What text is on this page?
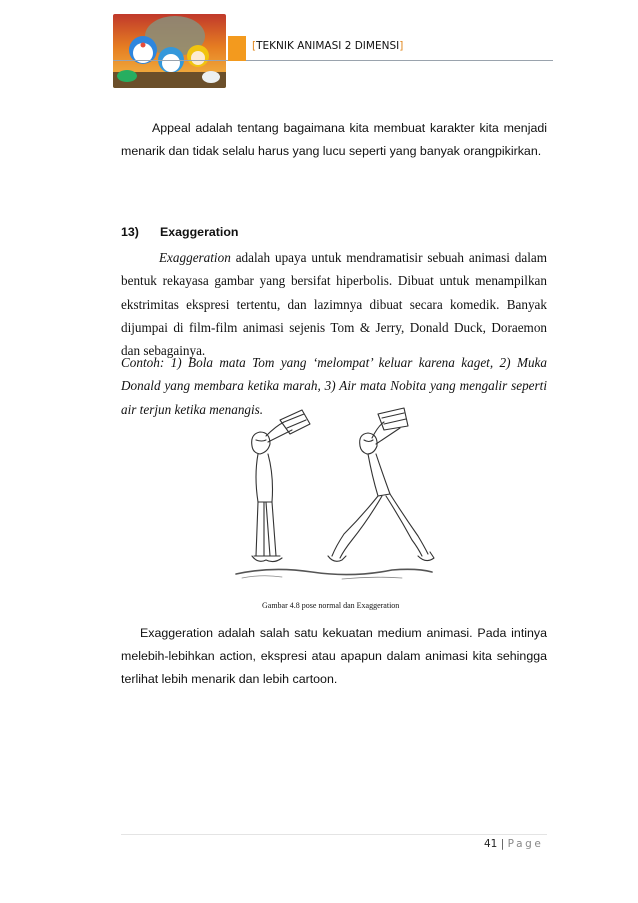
[TEKNIK ANIMASI 2 DIMENSI]

Appeal adalah tentang bagaimana kita membuat karakter kita menjadi menarik dan tidak selalu harus yang lucu seperti yang banyak orangpikirkan.

13) Exaggeration

Exaggeration adalah upaya untuk mendramatisir sebuah animasi dalam bentuk rekayasa gambar yang bersifat hiperbolis. Dibuat untuk menampilkan ekstrimitas ekspresi tertentu, dan lazimnya dibuat secara komedik. Banyak dijumpai di film-film animasi sejenis Tom & Jerry, Donald Duck, Doraemon dan sebagainya.

Contoh: 1) Bola mata Tom yang ‘melompat’ keluar karena kaget, 2) Muka Donald yang membara ketika marah, 3) Air mata Nobita yang mengalir seperti air terjun ketika menangis.

Gambar 4.8 pose normal dan Exaggeration

Exaggeration adalah salah satu kekuatan medium animasi. Pada intinya melebih-lebihkan action, ekspresi atau apapun dalam animasi kita sehingga terlihat lebih menarik dan lebih cartoon.

41 | Page
